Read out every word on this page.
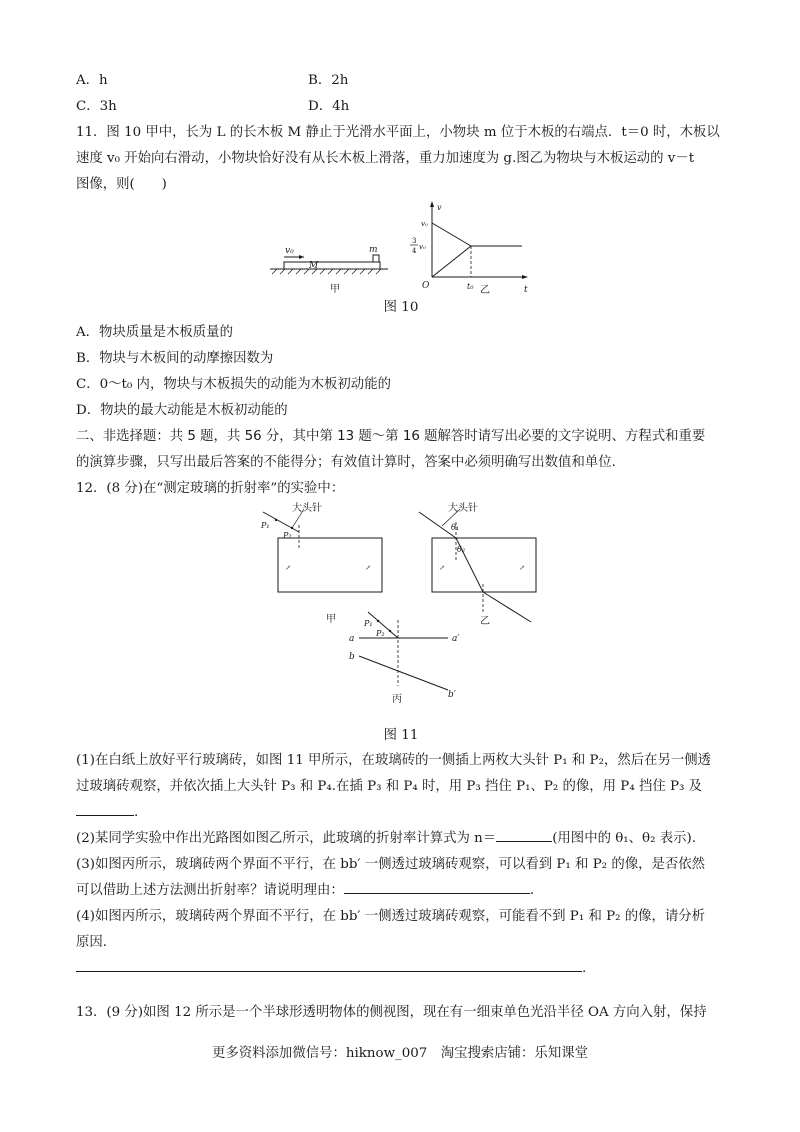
A．h	B．2h
C．3h	D．4h

11．图 10 甲中，长为 L 的长木板 M 静止于光滑水平面上，小物块 m 位于木板的右端点．t＝0 时，木板以

速度 v₀ 开始向右滑动，小物块恰好没有从长木板上滑落，重力加速度为 g.图乙为物块与木板运动的 v－t

图像，则(　　)

v₀
M
m
甲
v
t
O	t₀
v₀
3
4 v₀
乙
图 10

A．物块质量是木板质量的

B．物块与木板间的动摩擦因数为

C．0～t₀ 内，物块与木板损失的动能为木板初动能的

D．物块的最大动能是木板初动能的

二、非选择题：共 5 题，共 56 分，其中第 13 题～第 16 题解答时请写出必要的文字说明、方程式和重要

的演算步骤，只写出最后答案的不能得分；有效值计算时，答案中必须明确写出数值和单位．

12．(8 分)在“测定玻璃的折射率”的实验中：

大头针
P₁
P₂
↗	↗
甲
大头针
θ₁
θ₂
↗	↗
乙
P₁
P₂
a	a′
b
b′
丙
图 11

(1)在白纸上放好平行玻璃砖，如图 11 甲所示，在玻璃砖的一侧插上两枚大头针 P₁ 和 P₂，然后在另一侧透

过玻璃砖观察，并依次插上大头针 P₃ 和 P₄.在插 P₃ 和 P₄ 时，用 P₃ 挡住 P₁、P₂ 的像，用 P₄ 挡住 P₃ 及

.

(2)某同学实验中作出光路图如图乙所示，此玻璃的折射率计算式为 n＝	(用图中的 θ₁、θ₂ 表示).

(3)如图丙所示，玻璃砖两个界面不平行，在 bb′ 一侧透过玻璃砖观察，可以看到 P₁ 和 P₂ 的像，是否依然

可以借助上述方法测出折射率？请说明理由：	.

(4)如图丙所示，玻璃砖两个界面不平行，在 bb′ 一侧透过玻璃砖观察，可能看不到 P₁ 和 P₂ 的像，请分析

原因.

.

13．(9 分)如图 12 所示是一个半球形透明物体的侧视图，现在有一细束单色光沿半径 OA 方向入射，保持

更多资料添加微信号：hiknow_007　淘宝搜索店铺：乐知课堂
